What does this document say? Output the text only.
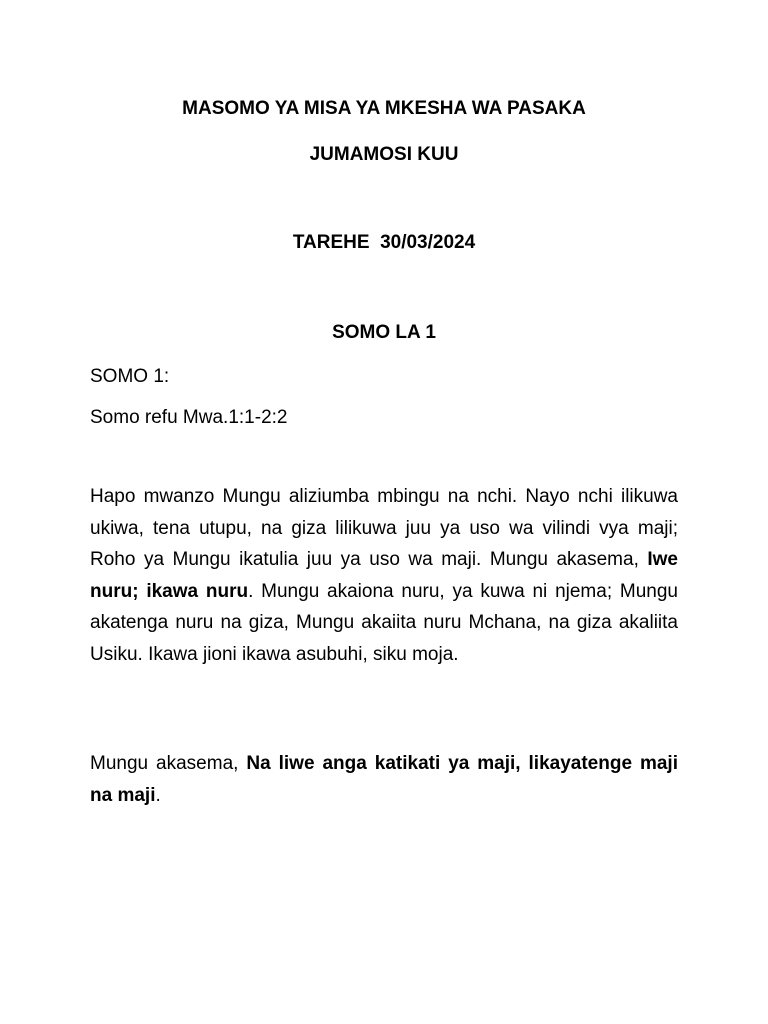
MASOMO YA MISA YA MKESHA WA PASAKA
JUMAMOSI KUU
TAREHE  30/03/2024
SOMO LA 1
SOMO 1:
Somo refu Mwa.1:1-2:2
Hapo mwanzo Mungu aliziumba mbingu na nchi. Nayo nchi ilikuwa ukiwa, tena utupu, na giza lilikuwa juu ya uso wa vilindi vya maji; Roho ya Mungu ikatulia juu ya uso wa maji. Mungu akasema, Iwe nuru; ikawa nuru. Mungu akaiona nuru, ya kuwa ni njema; Mungu akatenga nuru na giza, Mungu akaiita nuru Mchana, na giza akaliita Usiku. Ikawa jioni ikawa asubuhi, siku moja.
Mungu akasema, Na liwe anga katikati ya maji, likayatenge maji na maji.
